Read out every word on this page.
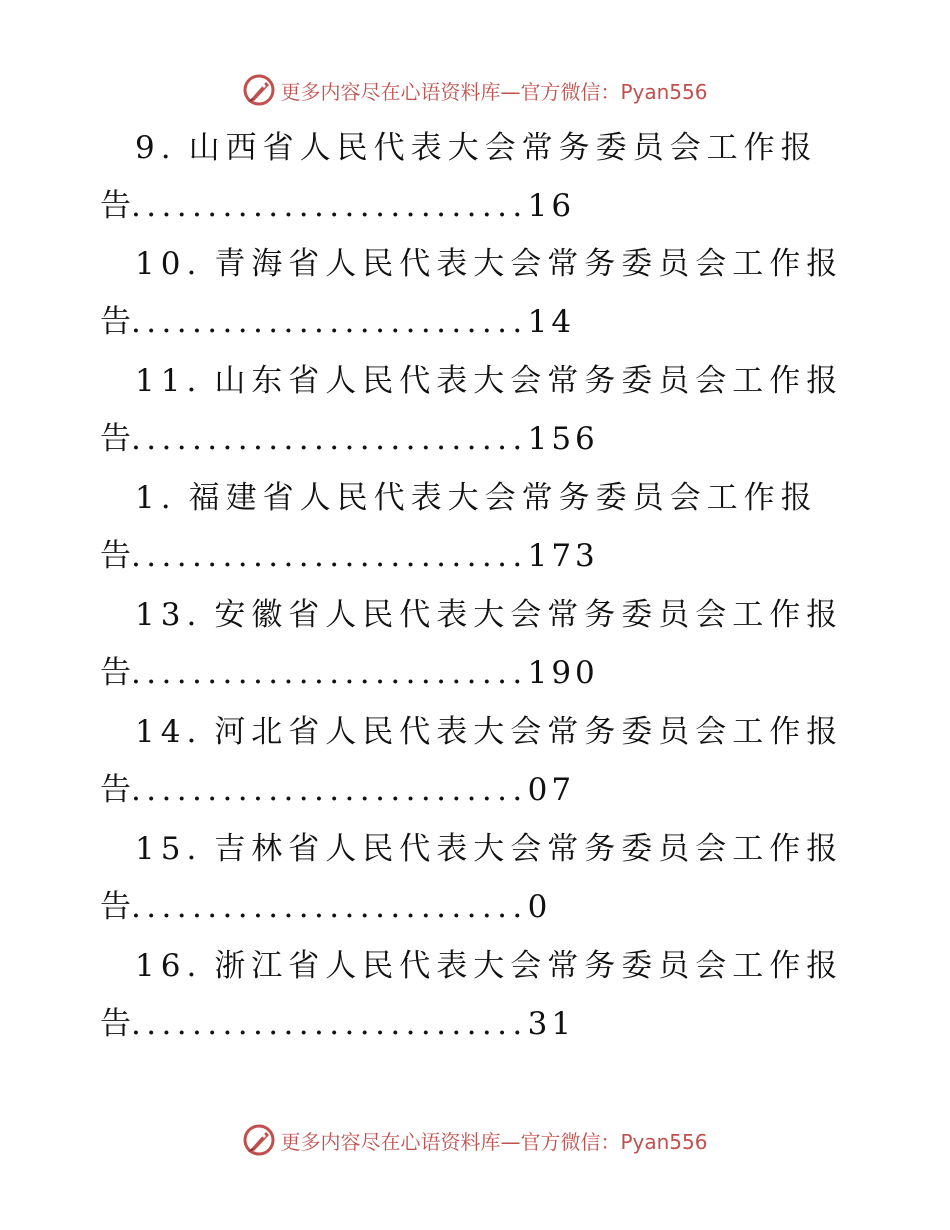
更多内容尽在心语资料库—官方微信：Pyan556
9. 山西省人民代表大会常务委员会工作报
告..........................16
10. 青海省人民代表大会常务委员会工作报
告..........................14
11. 山东省人民代表大会常务委员会工作报
告..........................156
1. 福建省人民代表大会常务委员会工作报
告..........................173
13. 安徽省人民代表大会常务委员会工作报
告..........................190
14. 河北省人民代表大会常务委员会工作报
告..........................07
15. 吉林省人民代表大会常务委员会工作报
告..........................0
16. 浙江省人民代表大会常务委员会工作报
告..........................31
更多内容尽在心语资料库—官方微信：Pyan556
